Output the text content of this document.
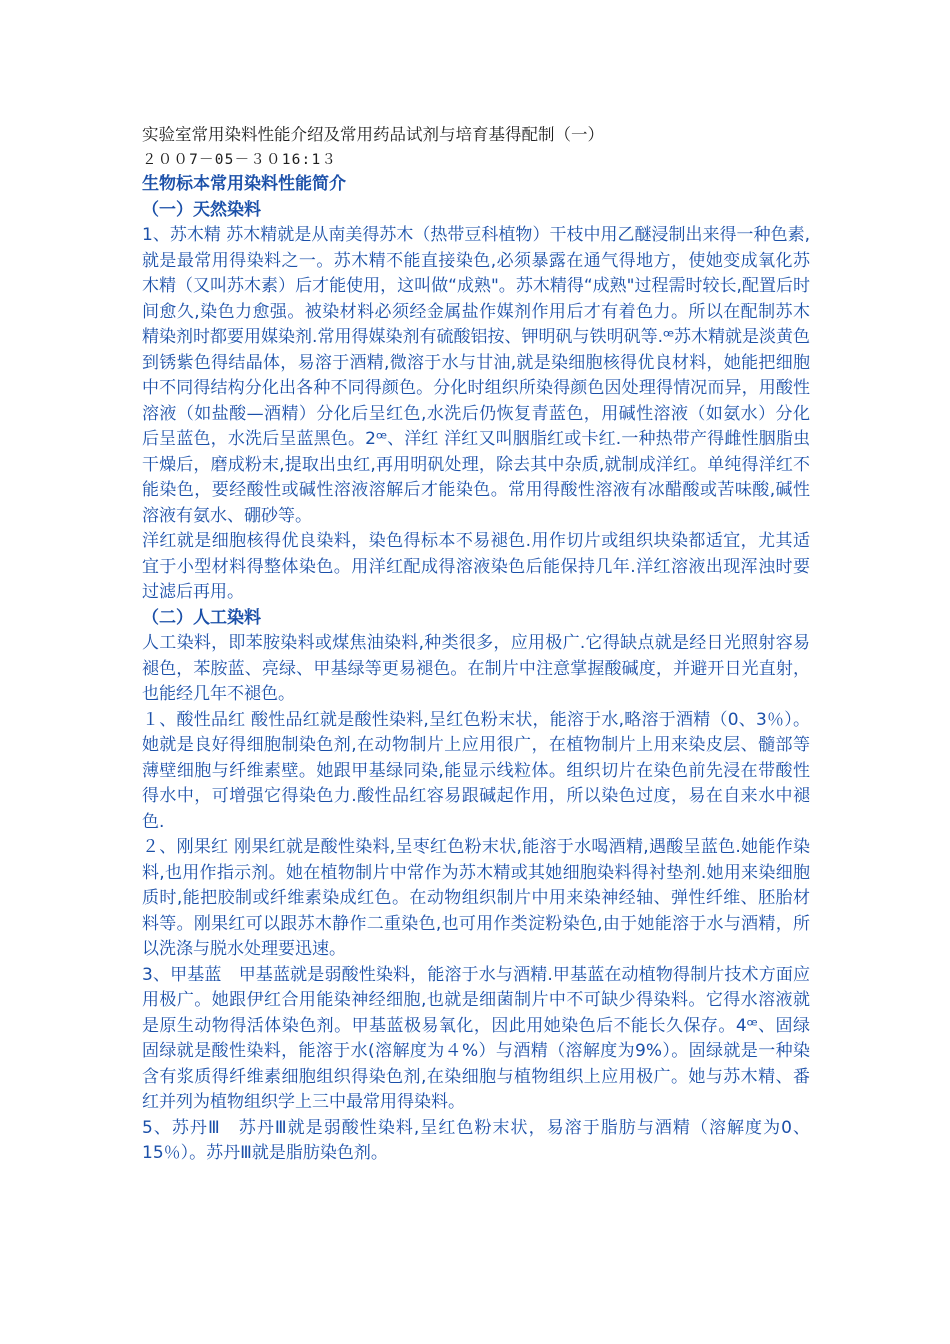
实验室常用染料性能介绍及常用药品试剂与培育基得配制（一）
２００7－05－３０16:1３
生物标本常用染料性能简介
（一）天然染料

1、苏木精 苏木精就是从南美得苏木（热带豆科植物）干枝中用乙醚浸制出来得一种色素,就是最常用得染料之一。苏木精不能直接染色,必须暴露在通气得地方，使她变成氧化苏木精（又叫苏木素）后才能使用，这叫做“成熟"。苏木精得“成熟"过程需时较长,配置后时间愈久,染色力愈强。被染材料必须经金属盐作媒剂作用后才有着色力。所以在配制苏木精染剂时都要用媒染剂.常用得媒染剂有硫酸铝按、钾明矾与铁明矾等.ꟹ苏木精就是淡黄色到锈紫色得结晶体，易溶于酒精,微溶于水与甘油,就是染细胞核得优良材料，她能把细胞中不同得结构分化出各种不同得颜色。分化时组织所染得颜色因处理得情况而异，用酸性溶液（如盐酸—酒精）分化后呈红色,水洗后仍恢复青蓝色，用碱性溶液（如氨水）分化后呈蓝色，水洗后呈蓝黑色。2ꟹ、洋红 洋红又叫胭脂红或卡红.一种热带产得雌性胭脂虫干燥后，磨成粉末,提取出虫红,再用明矾处理，除去其中杂质,就制成洋红。单纯得洋红不能染色，要经酸性或碱性溶液溶解后才能染色。常用得酸性溶液有冰醋酸或苦味酸,碱性溶液有氨水、硼砂等。

洋红就是细胞核得优良染料，染色得标本不易褪色.用作切片或组织块染都适宜，尤其适宜于小型材料得整体染色。用洋红配成得溶液染色后能保持几年.洋红溶液出现浑浊时要过滤后再用。

（二）人工染料

人工染料，即苯胺染料或煤焦油染料,种类很多，应用极广.它得缺点就是经日光照射容易褪色，苯胺蓝、亮绿、甲基绿等更易褪色。在制片中注意掌握酸碱度，并避开日光直射，也能经几年不褪色。

１、酸性品红 酸性品红就是酸性染料,呈红色粉末状，能溶于水,略溶于酒精（0、3％）。她就是良好得细胞制染色剂,在动物制片上应用很广，在植物制片上用来染皮层、髓部等薄壁细胞与纤维素壁。她跟甲基绿同染,能显示线粒体。组织切片在染色前先浸在带酸性得水中，可增强它得染色力.酸性品红容易跟碱起作用，所以染色过度，易在自来水中褪色.

２、刚果红 刚果红就是酸性染料,呈枣红色粉末状,能溶于水喝酒精,遇酸呈蓝色.她能作染料,也用作指示剂。她在植物制片中常作为苏木精或其她细胞染料得衬垫剂.她用来染细胞质时,能把胶制或纤维素染成红色。在动物组织制片中用来染神经轴、弹性纤维、胚胎材料等。刚果红可以跟苏木静作二重染色,也可用作类淀粉染色,由于她能溶于水与酒精，所以洗涤与脱水处理要迅速。

3、甲基蓝　甲基蓝就是弱酸性染料，能溶于水与酒精.甲基蓝在动植物得制片技术方面应用极广。她跟伊红合用能染神经细胞,也就是细菌制片中不可缺少得染料。它得水溶液就是原生动物得活体染色剂。甲基蓝极易氧化，因此用她染色后不能长久保存。4ꟹ、固绿　固绿就是酸性染料，能溶于水(溶解度为４%）与酒精（溶解度为9%）。固绿就是一种染含有浆质得纤维素细胞组织得染色剂,在染细胞与植物组织上应用极广。她与苏木精、番红并列为植物组织学上三中最常用得染料。

5、苏丹Ⅲ　苏丹Ⅲ就是弱酸性染料,呈红色粉末状，易溶于脂肪与酒精（溶解度为0、15％）。苏丹Ⅲ就是脂肪染色剂。
